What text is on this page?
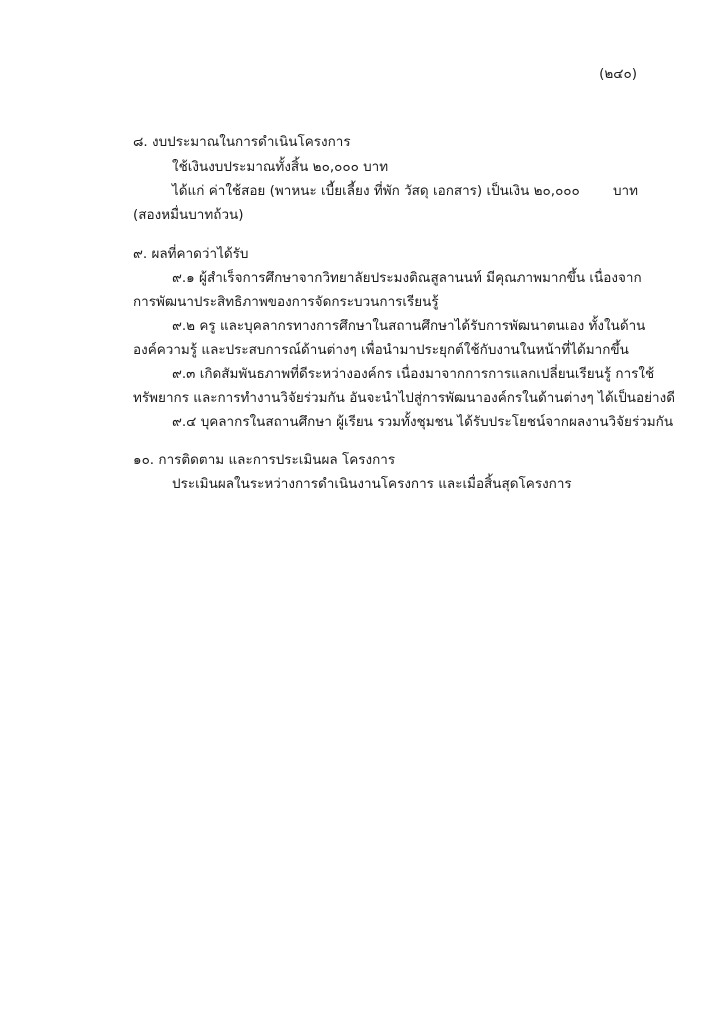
(๒๔๐)
๘. งบประมาณในการดำเนินโครงการ
ใช้เงินงบประมาณทั้งสิ้น ๒๐,๐๐๐ บาท
ได้แก่ ค่าใช้สอย (พาหนะ เบี้ยเลี้ยง ที่พัก วัสดุ เอกสาร) เป็นเงิน ๒๐,๐๐๐ บาท
(สองหมื่นบาทถ้วน)
๙. ผลที่คาดว่าได้รับ
๙.๑ ผู้สำเร็จการศึกษาจากวิทยาลัยประมงติณสูลานนท์ มีคุณภาพมากขึ้น เนื่องจาก
การพัฒนาประสิทธิภาพของการจัดกระบวนการเรียนรู้
๙.๒ ครู และบุคลากรทางการศึกษาในสถานศึกษา ได้รับการพัฒนาตนเอง ทั้งในด้าน
องค์ความรู้ และประสบการณ์ด้านต่างๆ เพื่อนำมาประยุกต์ใช้กับงานในหน้าที่ได้มากขึ้น
๙.๓ เกิดสัมพันธภาพที่ดีระหว่างองค์กร เนื่องมาจากการการแลกเปลี่ยนเรียนรู้ การใช้
ทรัพยากร และการทำงานวิจัยร่วมกัน อันจะนำไปสู่การพัฒนาองค์กรในด้านต่างๆ ได้เป็นอย่างดี
๙.๔ บุคลากรในสถานศึกษา ผู้เรียน รวมทั้งชุมชน ได้รับประโยชน์จากผลงานวิจัยร่วมกัน
๑๐. การติดตาม และการประเมินผล โครงการ
ประเมินผลในระหว่างการดำเนินงานโครงการ และเมื่อสิ้นสุดโครงการ
